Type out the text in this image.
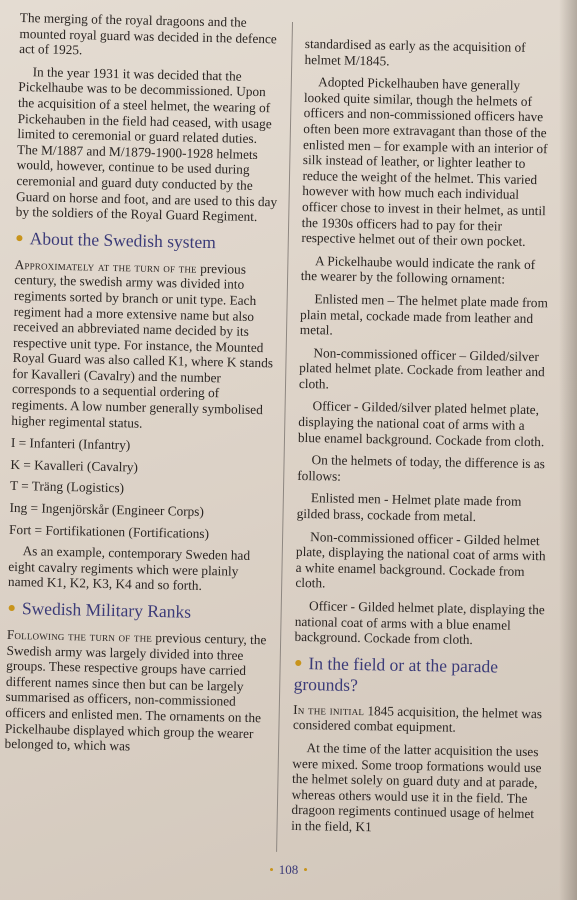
The merging of the royal dragoons and the mounted royal guard was decided in the defence act of 1925.

In the year 1931 it was decided that the Pickelhaube was to be decommissioned. Upon the acquisition of a steel helmet, the wearing of Pickehauben in the field had ceased, with usage limited to ceremonial or guard related duties. The M/1887 and M/1879-1900-1928 helmets would, however, continue to be used during ceremonial and guard duty conducted by the Guard on horse and foot, and are used to this day by the soldiers of the Royal Guard Regiment.

● About the Swedish system

Approximately at the turn of the previous century, the swedish army was divided into regiments sorted by branch or unit type. Each regiment had a more extensive name but also received an abbreviated name decided by its respective unit type. For instance, the Mounted Royal Guard was also called K1, where K stands for Kavalleri (Cavalry) and the number corresponds to a sequential ordering of regiments. A low number generally symbolised higher regimental status.

I = Infanteri (Infantry)

K = Kavalleri (Cavalry)

T = Träng (Logistics)

Ing = Ingenjörskår (Engineer Corps)

Fort = Fortifikationen (Fortifications)

As an example, contemporary Sweden had eight cavalry regiments which were plainly named K1, K2, K3, K4 and so forth.

● Swedish Military Ranks

Following the turn of the previous century, the Swedish army was largely divided into three groups. These respective groups have carried different names since then but can be largely summarised as officers, non-commissioned officers and enlisted men. The ornaments on the Pickelhaube displayed which group the wearer belonged to, which was

standardised as early as the acquisition of helmet M/1845.

Adopted Pickelhauben have generally looked quite similar, though the helmets of officers and non-commissioned officers have often been more extravagant than those of the enlisted men – for example with an interior of silk instead of leather, or lighter leather to reduce the weight of the helmet. This varied however with how much each individual officer chose to invest in their helmet, as until the 1930s officers had to pay for their respective helmet out of their own pocket.

A Pickelhaube would indicate the rank of the wearer by the following ornament:

Enlisted men – The helmet plate made from plain metal, cockade made from leather and metal.

Non-commissioned officer – Gilded/silver plated helmet plate. Cockade from leather and cloth.

Officer - Gilded/silver plated helmet plate, displaying the national coat of arms with a blue enamel background. Cockade from cloth.

On the helmets of today, the difference is as follows:

Enlisted men - Helmet plate made from gilded brass, cockade from metal.

Non-commissioned officer - Gilded helmet plate, displaying the national coat of arms with a white enamel background. Cockade from cloth.

Officer - Gilded helmet plate, displaying the national coat of arms with a blue enamel background. Cockade from cloth.

● In the field or at the parade grounds?

In the initial 1845 acquisition, the helmet was considered combat equipment.

At the time of the latter acquisition the uses were mixed. Some troop formations would use the helmet solely on guard duty and at parade, whereas others would use it in the field. The dragoon regiments continued usage of helmet in the field, K1

• 108 •
